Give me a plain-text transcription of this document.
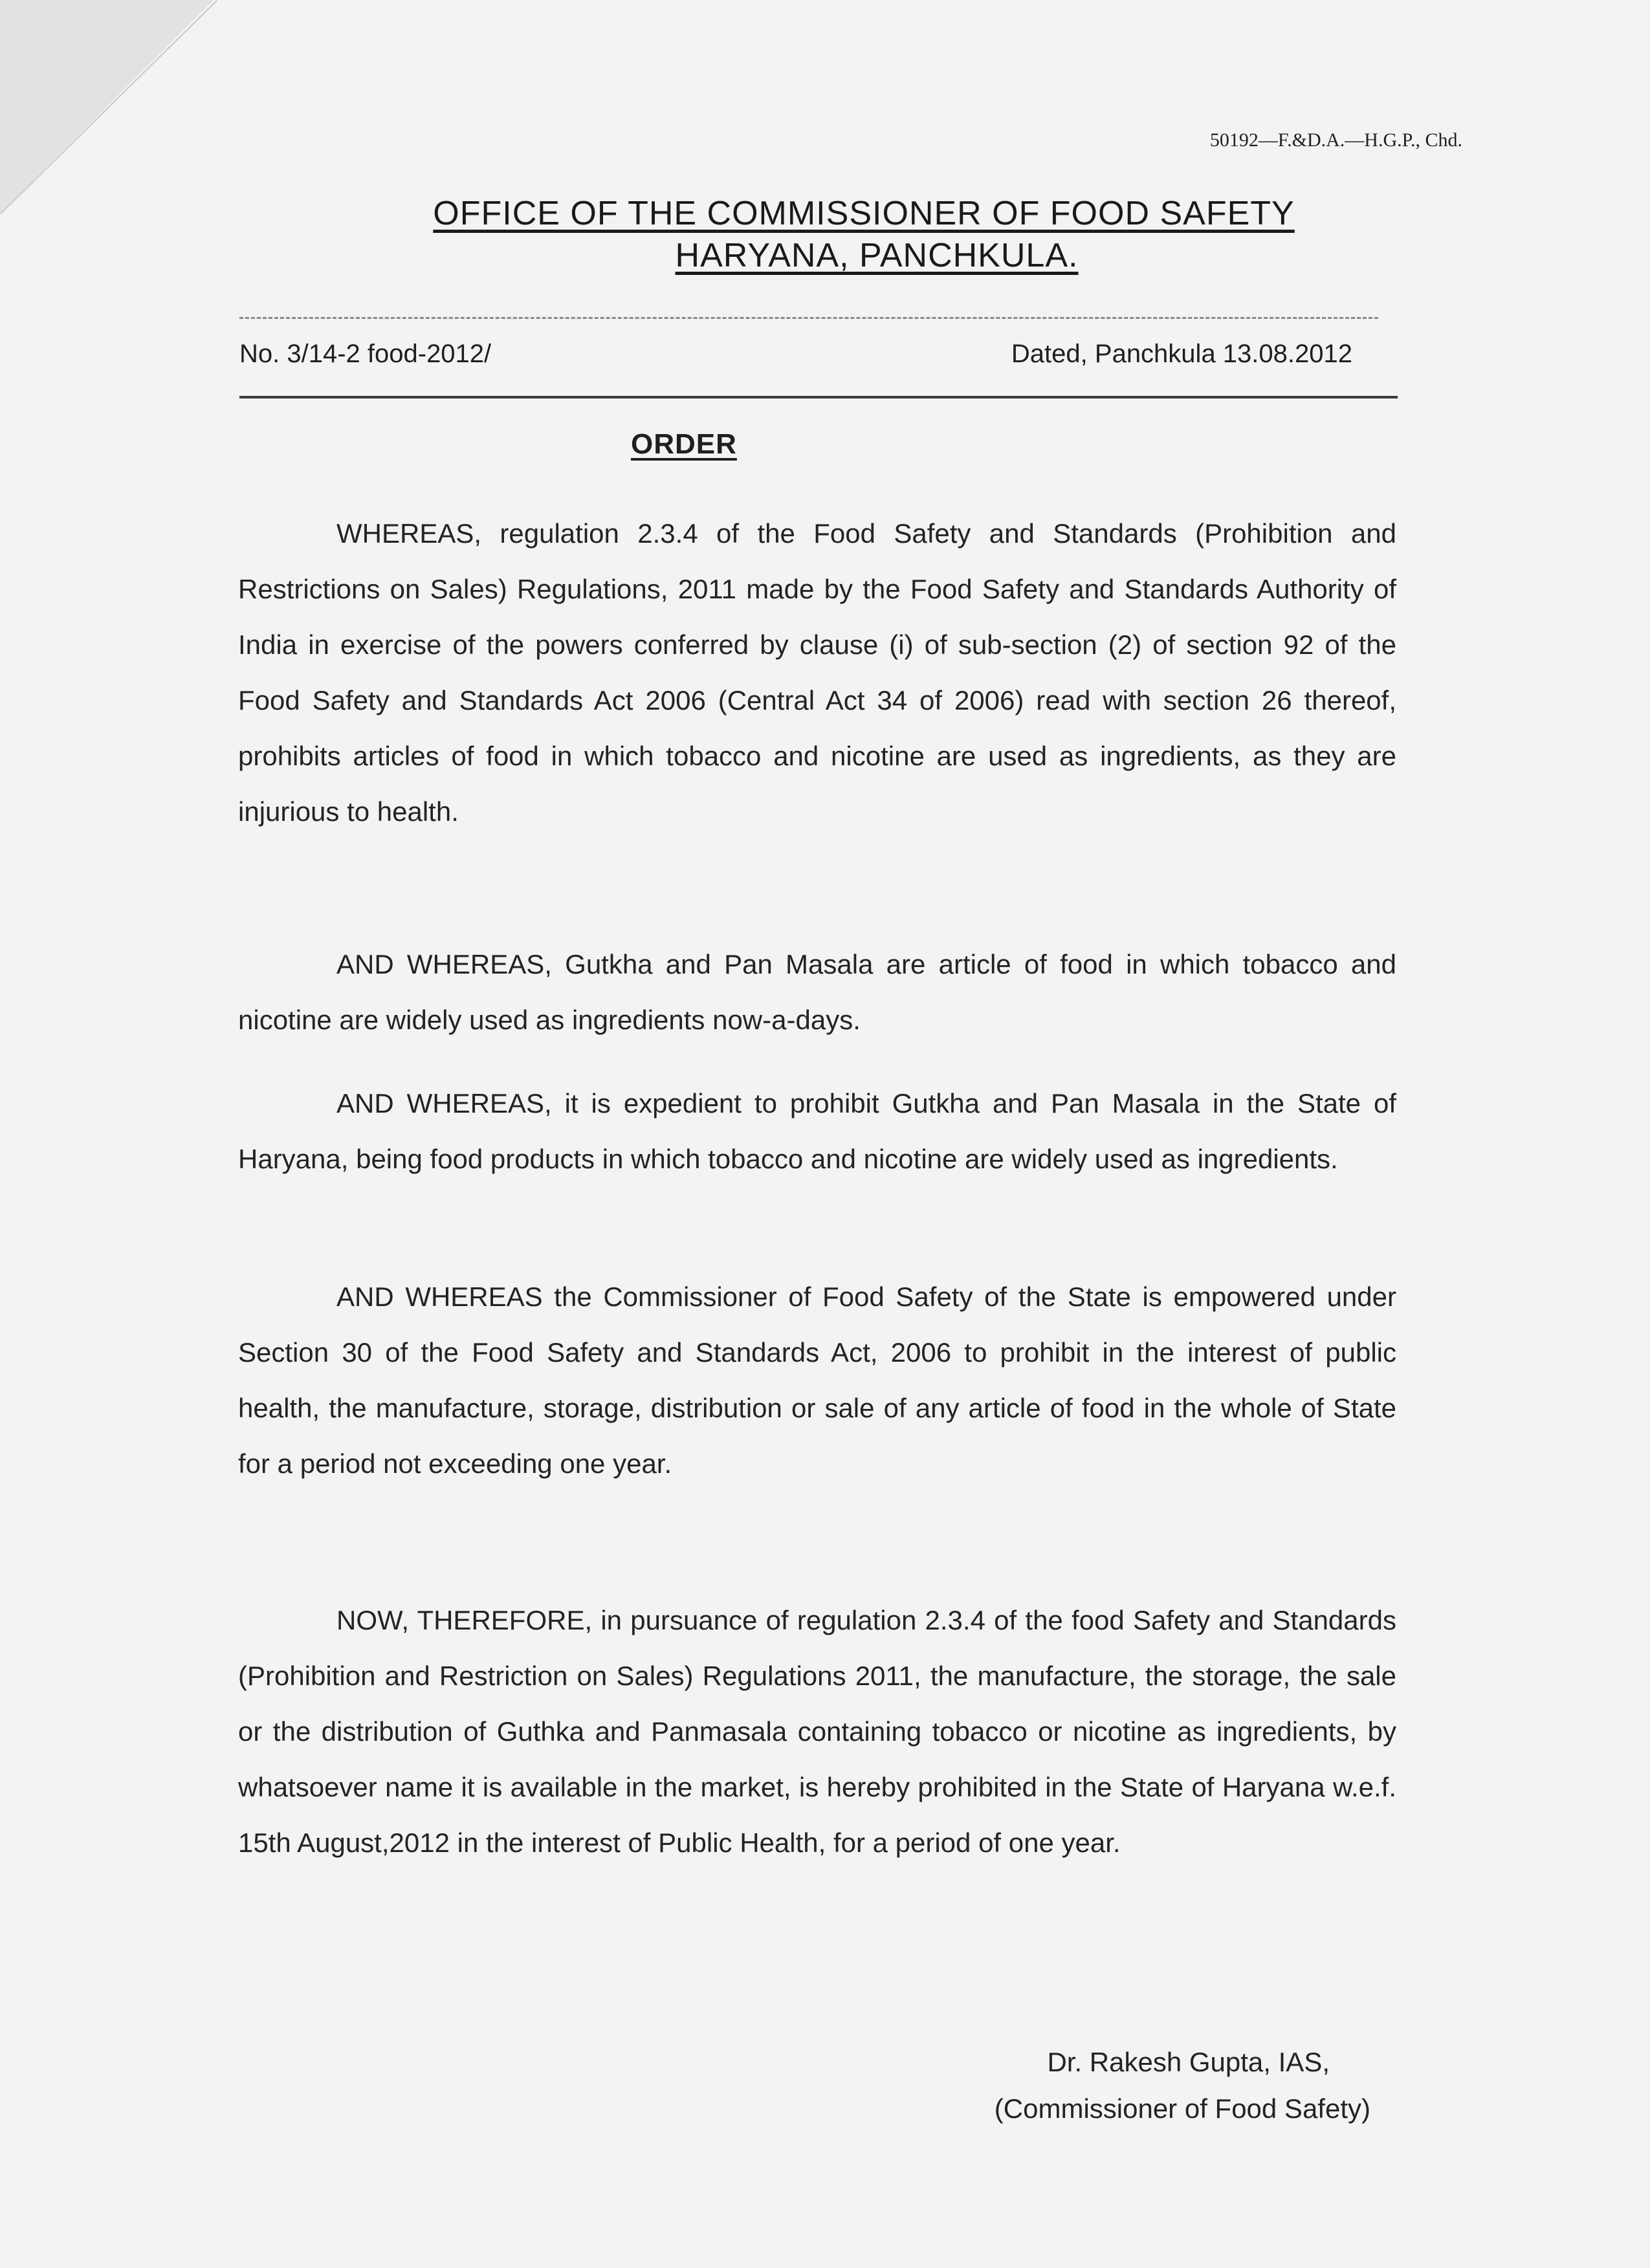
50192—F.&D.A.—H.G.P., Chd.
OFFICE OF THE COMMISSIONER OF FOOD SAFETY
HARYANA, PANCHKULA.
No. 3/14-2 food-2012/	Dated, Panchkula 13.08.2012
ORDER

WHEREAS, regulation 2.3.4 of the Food Safety and Standards (Prohibition and Restrictions on Sales) Regulations, 2011 made by the Food Safety and Standards Authority of India in exercise of the powers conferred by clause (i) of sub-section (2) of section 92 of the Food Safety and Standards Act 2006 (Central Act 34 of 2006) read with section 26 thereof, prohibits articles of food in which tobacco and nicotine are used as ingredients, as they are injurious to health.

AND WHEREAS, Gutkha and Pan Masala are article of food in which tobacco and nicotine are widely used as ingredients now-a-days.

AND WHEREAS, it is expedient to prohibit Gutkha and Pan Masala in the State of Haryana, being food products in which tobacco and nicotine are widely used as ingredients.

AND WHEREAS the Commissioner of Food Safety of the State is empowered under Section 30 of the Food Safety and Standards Act, 2006 to prohibit in the interest of public health, the manufacture, storage, distribution or sale of any article of food in the whole of State for a period not exceeding one year.

NOW, THEREFORE, in pursuance of regulation 2.3.4 of the food Safety and Standards (Prohibition and Restriction on Sales) Regulations 2011, the manufacture, the storage, the sale or the distribution of Guthka and Panmasala containing tobacco or nicotine as ingredients, by whatsoever name it is available in the market, is hereby prohibited in the State of Haryana w.e.f. 15th August,2012 in the interest of Public Health, for a period of one year.

Dr. Rakesh Gupta, IAS,
(Commissioner of Food Safety)
